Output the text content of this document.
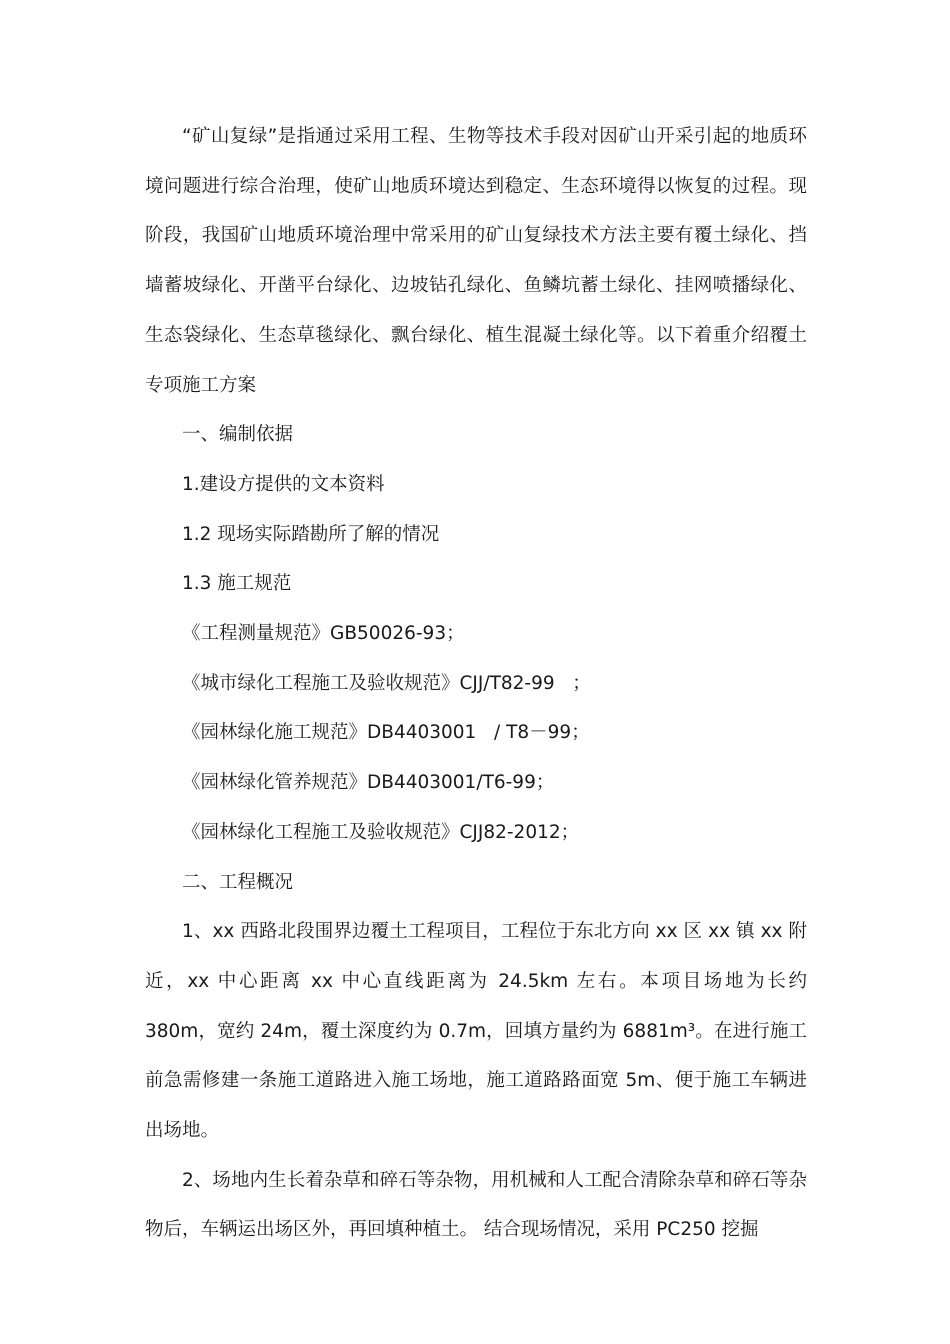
“矿山复绿”是指通过采用工程、生物等技术手段对因矿山开采引起的地质环境问题进行综合治理，使矿山地质环境达到稳定、生态环境得以恢复的过程。现阶段，我国矿山地质环境治理中常采用的矿山复绿技术方法主要有覆土绿化、挡墙蓄坡绿化、开凿平台绿化、边坡钻孔绿化、鱼鳞坑蓄土绿化、挂网喷播绿化、生态袋绿化、生态草毯绿化、飘台绿化、植生混凝土绿化等。以下着重介绍覆土专项施工方案

一、编制依据

1.建设方提供的文本资料

1.2 现场实际踏勘所了解的情况

1.3 施工规范

《工程测量规范》GB50026-93；

《城市绿化工程施工及验收规范》CJJ/T82-99   ；

《园林绿化施工规范》DB4403001   / T8－99；

《园林绿化管养规范》DB4403001/T6-99；

《园林绿化工程施工及验收规范》CJJ82-2012；

二、工程概况

1、xx 西路北段围界边覆土工程项目，工程位于东北方向 xx 区 xx 镇 xx 附近，xx 中心距离 xx 中心直线距离为 24.5km 左右。本项目场地为长约 380m，宽约 24m，覆土深度约为 0.7m，回填方量约为 6881m³。在进行施工前急需修建一条施工道路进入施工场地，施工道路路面宽 5m、便于施工车辆进出场地。

2、场地内生长着杂草和碎石等杂物，用机械和人工配合清除杂草和碎石等杂物后，车辆运出场区外，再回填种植土。 结合现场情况，采用 PC250 挖掘
